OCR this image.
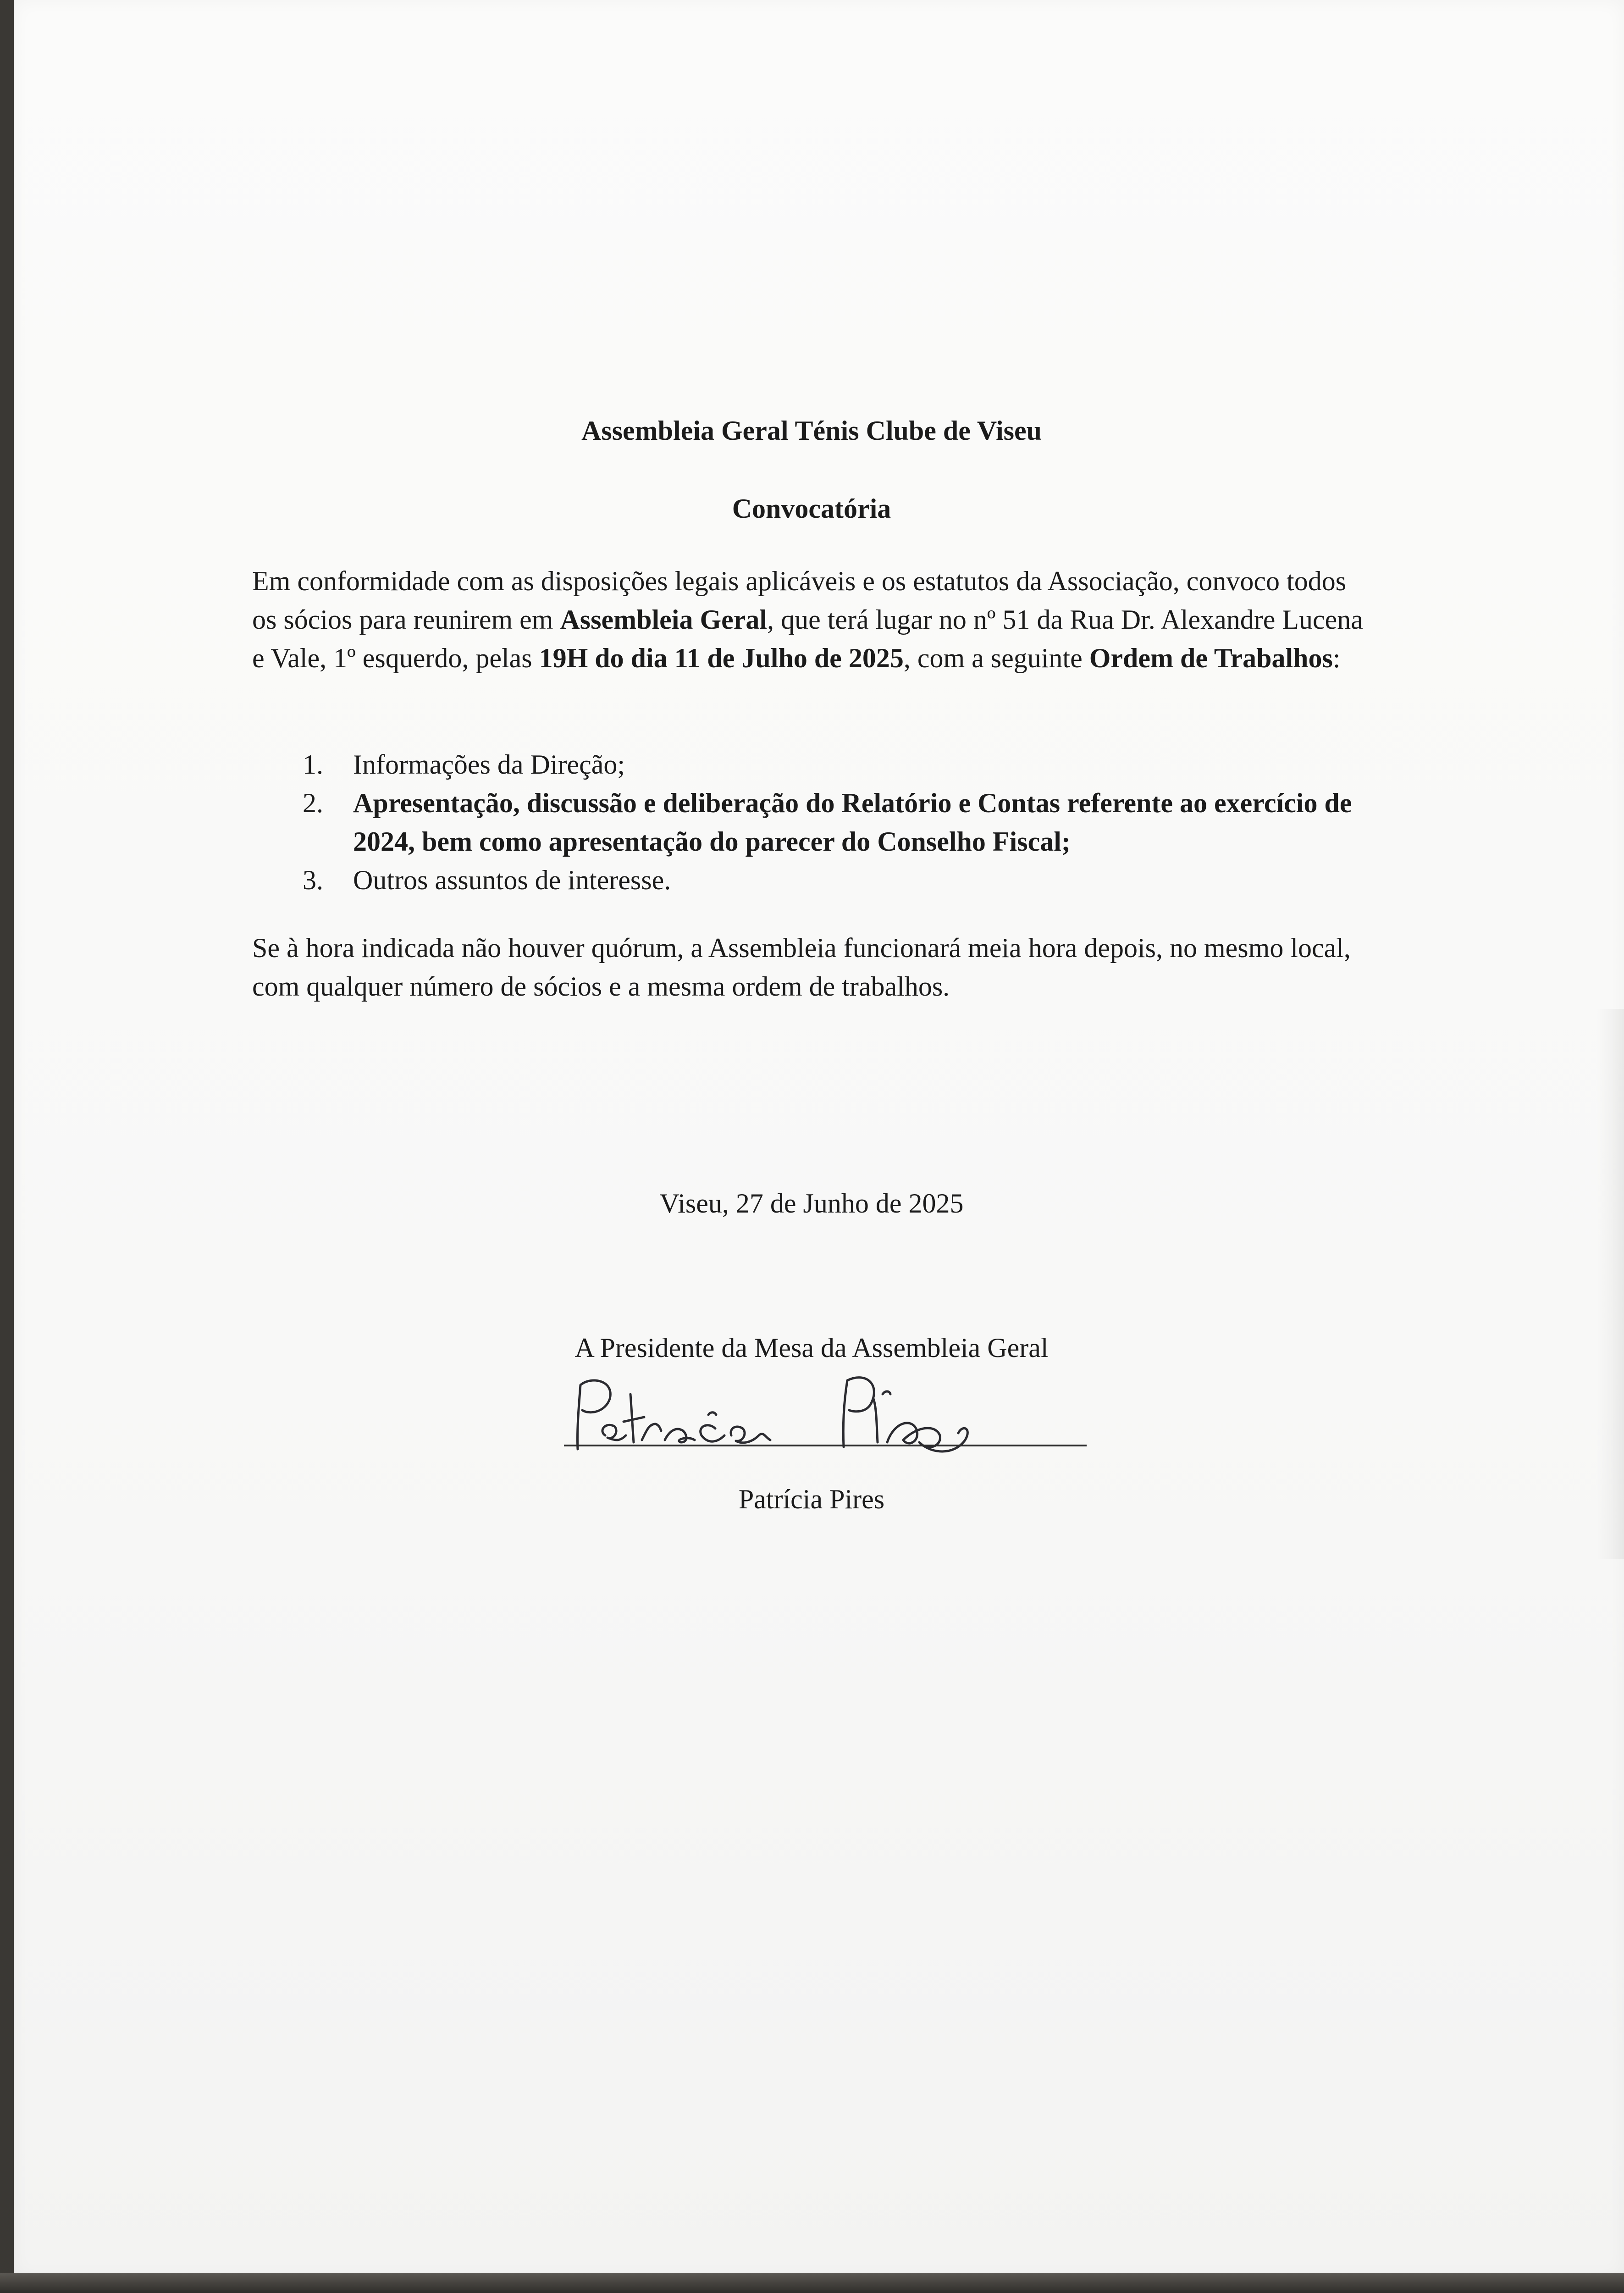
Assembleia Geral Ténis Clube de Viseu
Convocatória

Em conformidade com as disposições legais aplicáveis e os estatutos da Associação, convoco todos os sócios para reunirem em Assembleia Geral, que terá lugar no nº 51 da Rua Dr. Alexandre Lucena e Vale, 1º esquerdo, pelas 19H do dia 11 de Julho de 2025, com a seguinte Ordem de Trabalhos:

1. Informações da Direção;
2. Apresentação, discussão e deliberação do Relatório e Contas referente ao exercício de 2024, bem como apresentação do parecer do Conselho Fiscal;
3. Outros assuntos de interesse.

Se à hora indicada não houver quórum, a Assembleia funcionará meia hora depois, no mesmo local, com qualquer número de sócios e a mesma ordem de trabalhos.

Viseu, 27 de Junho de 2025

A Presidente da Mesa da Assembleia Geral

Patrícia Pires
